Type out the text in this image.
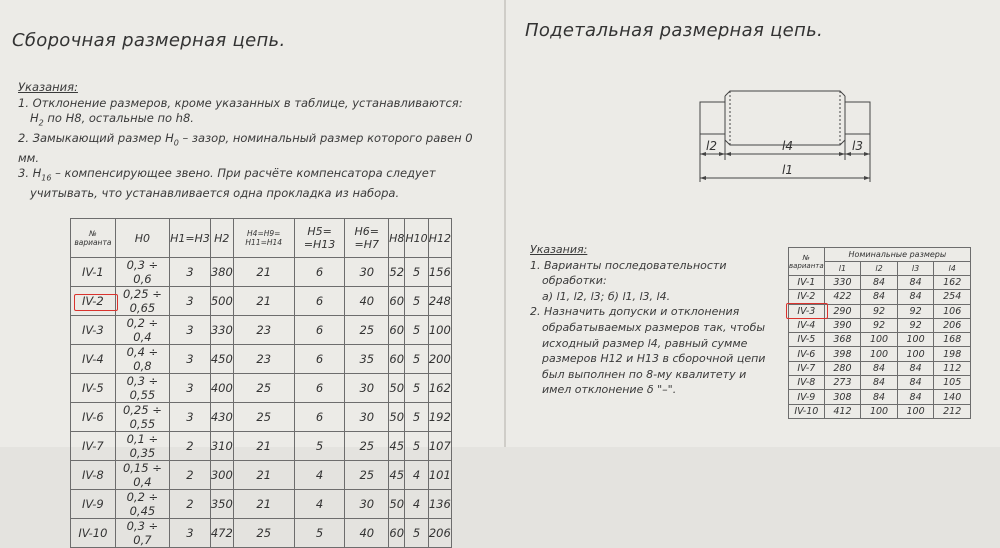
Сборочная размерная цепь.

Указания:

1. Отклонение размеров, кроме указанных в таблице, устанавливаются:

$H_2$ по H8, остальные по h8.

2. Замыкающий размер $H_0$ – зазор, номинальный размер которого равен 0 мм.

3. $H_{16}$ – компенсирующее звено. При расчёте компенсатора следует

учитывать, что устанавливается одна прокладка из набора.

№ варианта	H0	H1=H3	H2	H4=H9= H11=H14	H5= =H13	H6= =H7	H8	H10	H12
IV-1	0,3 ÷ 0,6	3	380	21	6	30	52	5	156
IV-2	0,25 ÷ 0,65	3	500	21	6	40	60	5	248
IV-3	0,2 ÷ 0,4	3	330	23	6	25	60	5	100
IV-4	0,4 ÷ 0,8	3	450	23	6	35	60	5	200
IV-5	0,3 ÷ 0,55	3	400	25	6	30	50	5	162
IV-6	0,25 ÷ 0,55	3	430	25	6	30	50	5	192
IV-7	0,1 ÷ 0,35	2	310	21	5	25	45	5	107
IV-8	0,15 ÷ 0,4	2	300	21	4	25	45	4	101
IV-9	0,2 ÷ 0,45	2	350	21	4	30	50	4	136
IV-10	0,3 ÷ 0,7	3	472	25	5	40	60	5	206
Подетальная размерная цепь.
l2	l4	l3
l1

Указания:

1. Варианты последовательности

обработки:

а) l1, l2, l3; б) l1, l3, l4.

2. Назначить допуски и отклонения

обрабатываемых размеров так, чтобы

исходный размер l4, равный сумме

размеров H12 и H13 в сборочной цепи

был выполнен по 8-му квалитету и

имел отклонение δ "–".

№ варианта	Номинальные размеры			
	l1	l2	l3	l4
IV-1	330	84	84	162
IV-2	422	84	84	254
IV-3	290	92	92	106
IV-4	390	92	92	206
IV-5	368	100	100	168
IV-6	398	100	100	198
IV-7	280	84	84	112
IV-8	273	84	84	105
IV-9	308	84	84	140
IV-10	412	100	100	212
